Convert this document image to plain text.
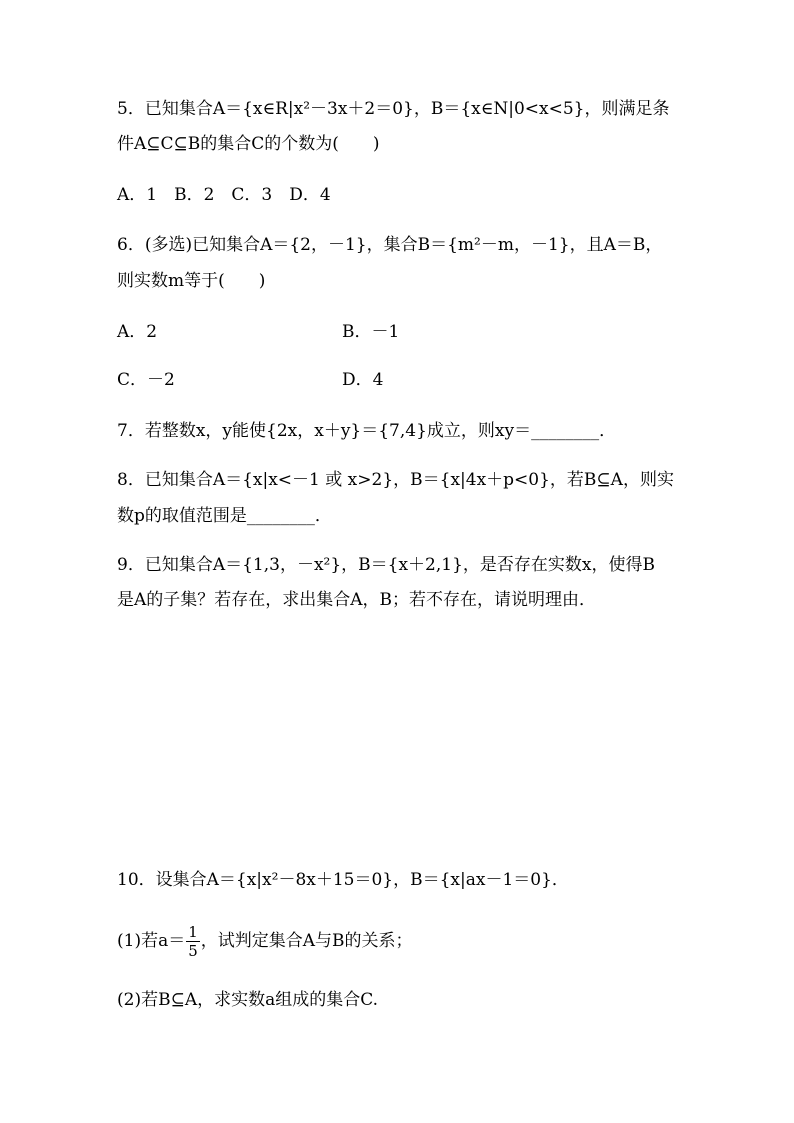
5．已知集合A＝{x∈R|x²－3x＋2＝0}，B＝{x∈N|0<x<5}，则满足条
件A⊆C⊆B的集合C的个数为(　　)
A．1　B．2　C．3　D．4
6．(多选)已知集合A＝{2，－1}，集合B＝{m²－m，－1}，且A＝B，
则实数m等于(　　)
A．2	B．－1
C．－2	D．4
7．若整数x，y能使{2x，x＋y}＝{7,4}成立，则xy＝________．
8．已知集合A＝{x|x<－1 或 x>2}，B＝{x|4x＋p<0}，若B⊆A，则实
数p的取值范围是________．
9．已知集合A＝{1,3，－x²}，B＝{x＋2,1}，是否存在实数x，使得B
是A的子集？若存在，求出集合A，B；若不存在，请说明理由．
10．设集合A＝{x|x²－8x＋15＝0}，B＝{x|ax－1＝0}．
(1)若$a= \frac{1}{5}$ ，试判定集合A与B的关系；
(2)若B⊆A，求实数a组成的集合C.
